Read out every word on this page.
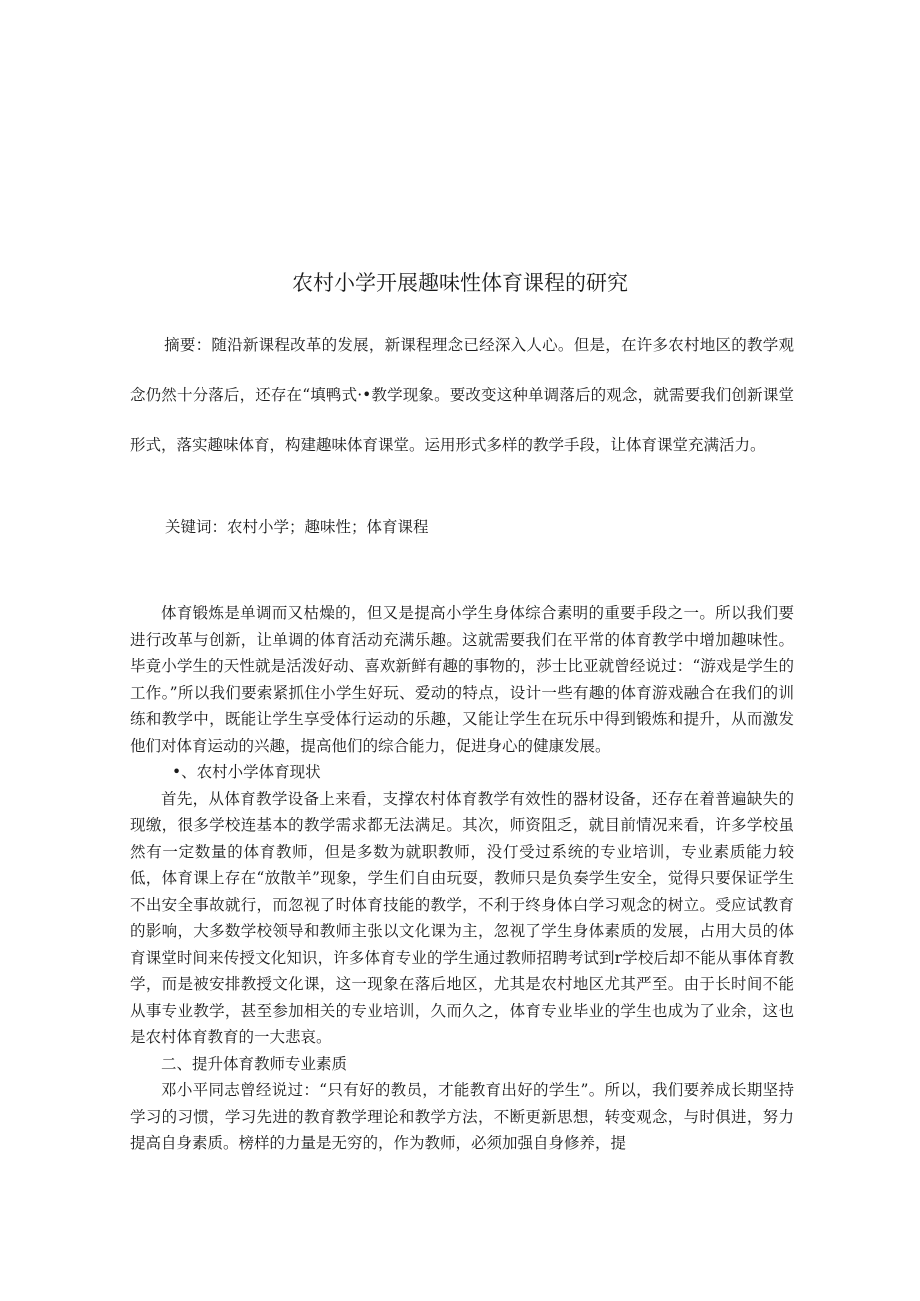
农村小学开展趣味性体育课程的研究

摘要：随沿新课程改革的发展，新课程理念已经深入人心。但是，在许多农村地区的教学观念仍然十分落后，还存在“填鸭式·•教学现象。要改变这种单调落后的观念，就需要我们创新课堂形式，落实趣味体育，构建趣味体育课堂。运用形式多样的教学手段，让体育课堂充满活力。

关键词：农村小学；趣味性；体育课程

体育锻炼是单调而又枯燥的，但又是提高小学生身体综合素明的重要手段之一。所以我们要进行改革与创新，让单调的体育活动充满乐趣。这就需要我们在平常的体育教学中增加趣味性。毕竟小学生的天性就是活泼好动、喜欢新鲜有趣的事物的，莎士比亚就曾经说过：“游戏是学生的工作。”所以我们要索紧抓住小学生好玩、爱动的特点，设计一些有趣的体育游戏融合在我们的训练和教学中，既能让学生享受体行运动的乐趣，又能让学生在玩乐中得到锻炼和提升，从而激发他们对体育运动的兴趣，提高他们的综合能力，促进身心的健康发展。

•、农村小学体育现状

首先，从体育教学设备上来看，支撑农村体育教学有效性的器材设备，还存在着普遍缺失的现缴，很多学校连基本的教学需求都无法满足。其次，师资阻乏，就目前情况来看，许多学校虽然有一定数量的体育教师，但是多数为就职教师，没仃受过系统的专业培训，专业素质能力较低，体育课上存在“放散羊”现象，学生们自由玩耍，教师只是负奏学生安全，觉得只要保证学生不出安全事故就行，而忽视了时体育技能的教学，不利于终身体白学习观念的树立。受应试教育的影响，大多数学校领导和教师主张以文化课为主，忽视了学生身体素质的发展，占用大员的体育课堂时间来传授文化知识，许多体育专业的学生通过教师招聘考试到r学校后却不能从事体育教学，而是被安排教授文化课，这一现象在落后地区，尤其是农村地区尤其严至。由于长时间不能从事专业教学，甚至参加相关的专业培训，久而久之，体育专业毕业的学生也成为了业余，这也是农村体育教育的一大悲哀。

二、提升体育教师专业素质

邓小平同志曾经说过：“只有好的教员，才能教育出好的学生”。所以，我们要养成长期坚持学习的习惯，学习先进的教育教学理论和教学方法，不断更新思想，转变观念，与时俱进，努力提高自身素质。榜样的力量是无穷的，作为教师，必须加强自身修养，提
